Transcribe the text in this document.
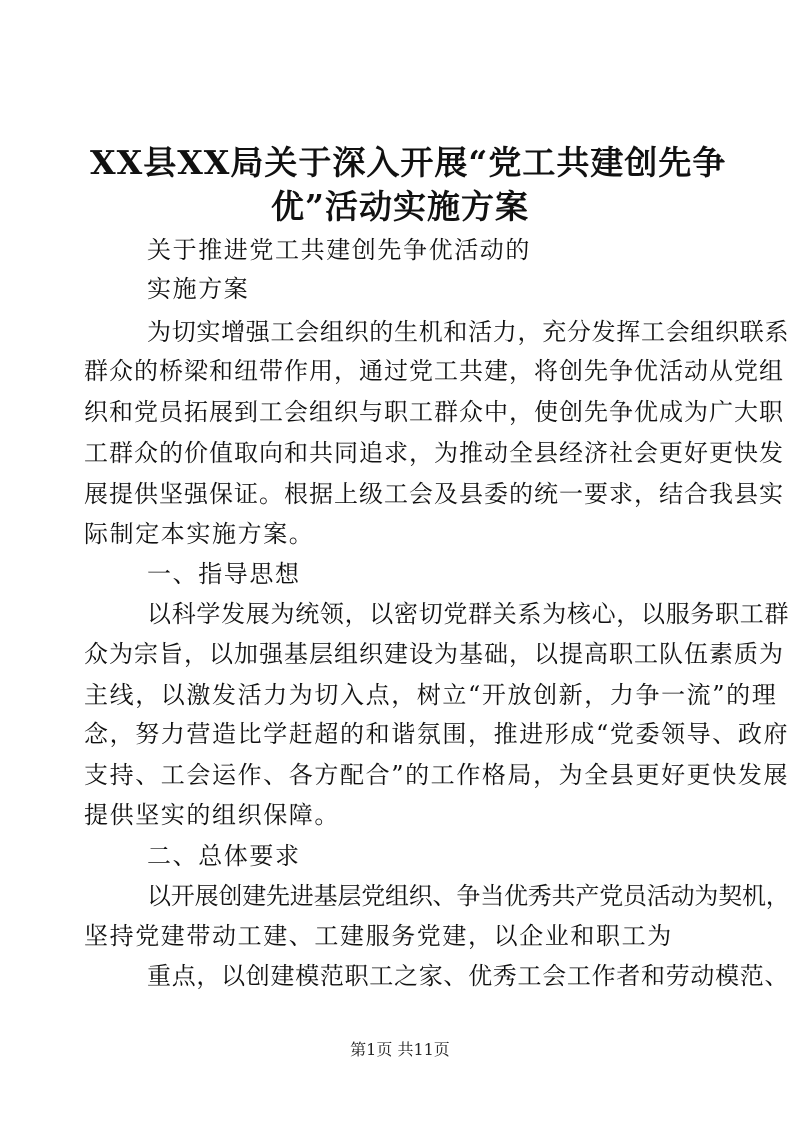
XX县XX局关于深入开展“党工共建创先争
优”活动实施方案

关于推进党工共建创先争优活动的

实施方案

为切实增强工会组织的生机和活力，充分发挥工会组织联系

群众的桥梁和纽带作用，通过党工共建，将创先争优活动从党组

织和党员拓展到工会组织与职工群众中，使创先争优成为广大职

工群众的价值取向和共同追求，为推动全县经济社会更好更快发

展提供坚强保证。根据上级工会及县委的统一要求，结合我县实

际制定本实施方案。

一、指导思想

以科学发展为统领，以密切党群关系为核心，以服务职工群

众为宗旨，以加强基层组织建设为基础，以提高职工队伍素质为

主线，以激发活力为切入点，树立“开放创新，力争一流”的理

念，努力营造比学赶超的和谐氛围，推进形成“党委领导、政府

支持、工会运作、各方配合”的工作格局，为全县更好更快发展

提供坚实的组织保障。

二、总体要求

以开展创建先进基层党组织、争当优秀共产党员活动为契机，

坚持党建带动工建、工建服务党建，以企业和职工为

重点，以创建模范职工之家、优秀工会工作者和劳动模范、

第1页 共11页
